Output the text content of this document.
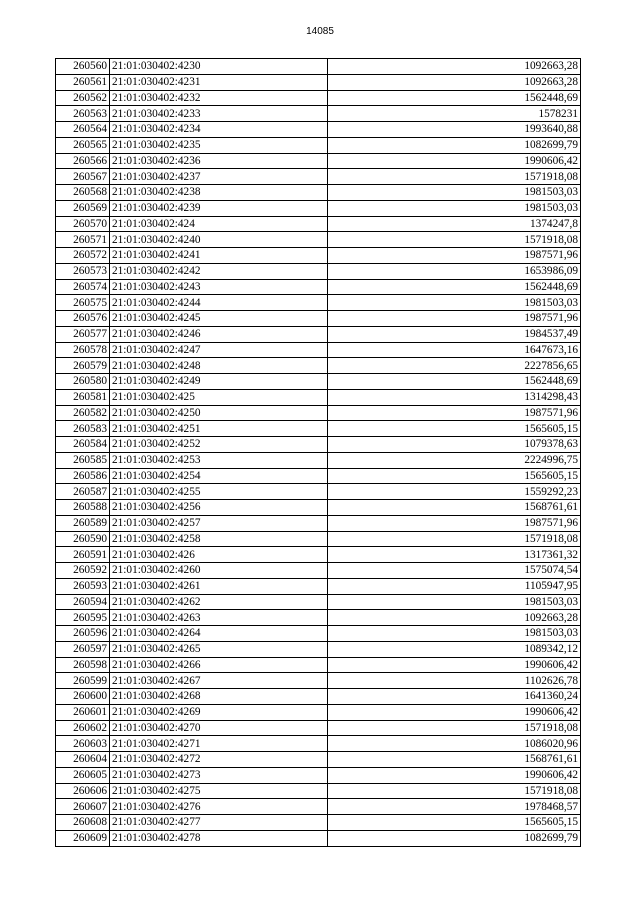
14085
260560	21:01:030402:4230	1092663,28
260561	21:01:030402:4231	1092663,28
260562	21:01:030402:4232	1562448,69
260563	21:01:030402:4233	1578231
260564	21:01:030402:4234	1993640,88
260565	21:01:030402:4235	1082699,79
260566	21:01:030402:4236	1990606,42
260567	21:01:030402:4237	1571918,08
260568	21:01:030402:4238	1981503,03
260569	21:01:030402:4239	1981503,03
260570	21:01:030402:424	1374247,8
260571	21:01:030402:4240	1571918,08
260572	21:01:030402:4241	1987571,96
260573	21:01:030402:4242	1653986,09
260574	21:01:030402:4243	1562448,69
260575	21:01:030402:4244	1981503,03
260576	21:01:030402:4245	1987571,96
260577	21:01:030402:4246	1984537,49
260578	21:01:030402:4247	1647673,16
260579	21:01:030402:4248	2227856,65
260580	21:01:030402:4249	1562448,69
260581	21:01:030402:425	1314298,43
260582	21:01:030402:4250	1987571,96
260583	21:01:030402:4251	1565605,15
260584	21:01:030402:4252	1079378,63
260585	21:01:030402:4253	2224996,75
260586	21:01:030402:4254	1565605,15
260587	21:01:030402:4255	1559292,23
260588	21:01:030402:4256	1568761,61
260589	21:01:030402:4257	1987571,96
260590	21:01:030402:4258	1571918,08
260591	21:01:030402:426	1317361,32
260592	21:01:030402:4260	1575074,54
260593	21:01:030402:4261	1105947,95
260594	21:01:030402:4262	1981503,03
260595	21:01:030402:4263	1092663,28
260596	21:01:030402:4264	1981503,03
260597	21:01:030402:4265	1089342,12
260598	21:01:030402:4266	1990606,42
260599	21:01:030402:4267	1102626,78
260600	21:01:030402:4268	1641360,24
260601	21:01:030402:4269	1990606,42
260602	21:01:030402:4270	1571918,08
260603	21:01:030402:4271	1086020,96
260604	21:01:030402:4272	1568761,61
260605	21:01:030402:4273	1990606,42
260606	21:01:030402:4275	1571918,08
260607	21:01:030402:4276	1978468,57
260608	21:01:030402:4277	1565605,15
260609	21:01:030402:4278	1082699,79
